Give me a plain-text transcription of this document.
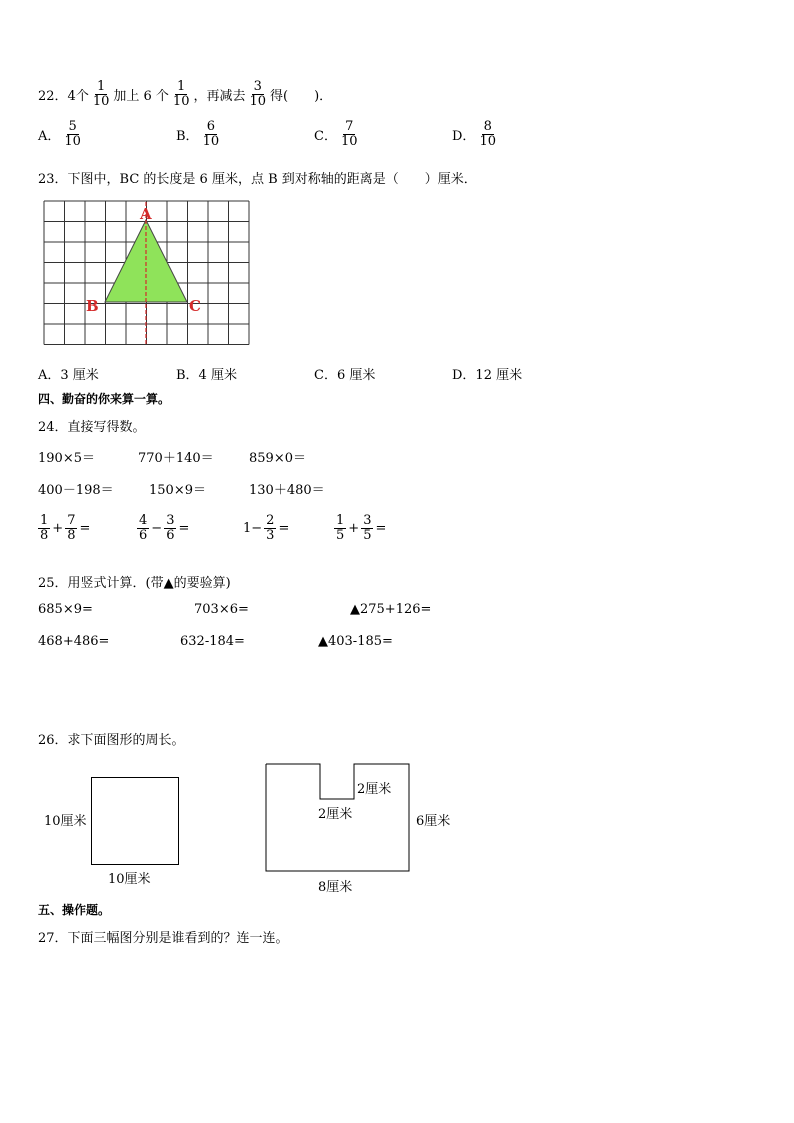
22．4个 $\frac{1}{10}$ 加上 6 个 $\frac{1}{10}$ ，再减去 $\frac{3}{10}$ 得(　　)．
A． $\frac{5}{10}$	B． $\frac{6}{10}$	C． $\frac{7}{10}$	D． $\frac{8}{10}$
23．下图中，BC 的长度是 6 厘米，点 B 到对称轴的距离是（　　）厘米．
A
B	C
A．3 厘米	B．4 厘米	C．6 厘米	D．12 厘米
四、勤奋的你来算一算。
24．直接写得数。
190×5＝	770＋140＝	859×0＝
400－198＝	150×9＝	130＋480＝
$\frac{1}{8} + \frac{7}{8}$ =	$\frac{4}{6} - \frac{3}{6}$ =	$1- \frac{2}{3}$ =	$\frac{1}{5} + \frac{3}{5}$ =
25．用竖式计算．(带▲的要验算)
685×9=	703×6=	▲275+126=
468+486=	632-184=	▲403-185=
26．求下面图形的周长。
10厘米
10厘米
2厘米
2厘米	6厘米
8厘米
五、操作题。
27．下面三幅图分别是谁看到的？连一连。
